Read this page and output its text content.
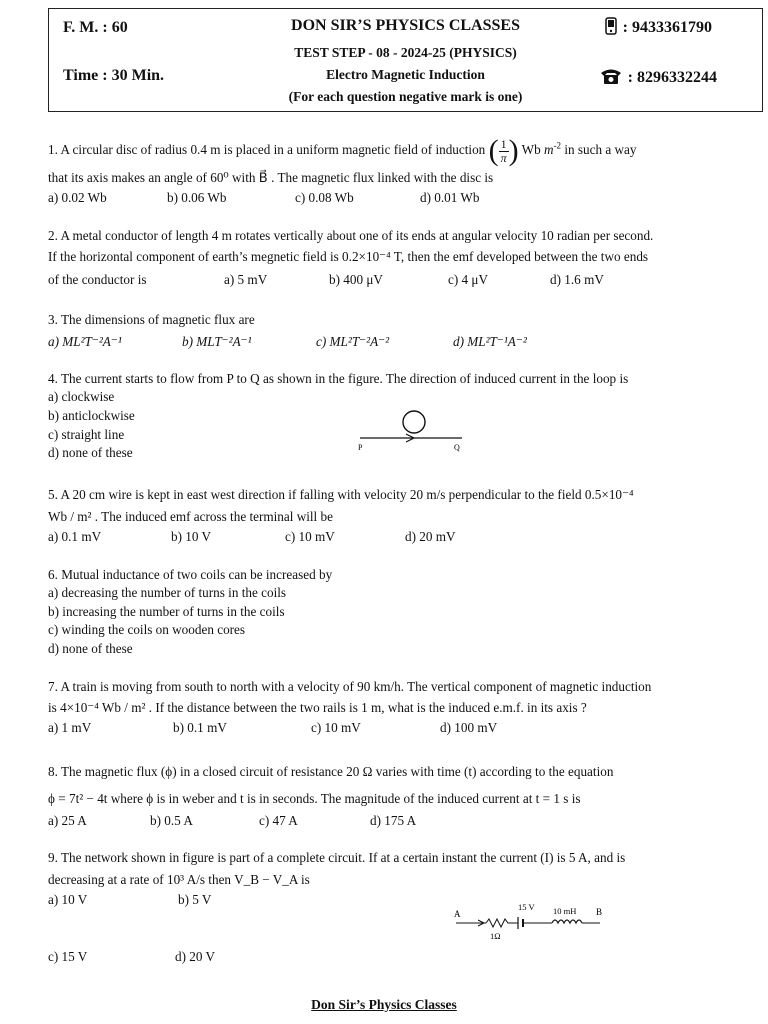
F. M. : 60
Time : 30 Min.
DON SIR’S PHYSICS CLASSES
TEST STEP - 08 - 2024-25 (PHYSICS)
Electro Magnetic Induction
(For each question negative mark is one)
: 9433361790
: 8296332244
1. A circular disc of radius 0.4 m is placed in a uniform magnetic field of induction ( $\frac{1}{\pi}$ ) Wb $m^{-2}$ in such a way
that its axis makes an angle of 60⁰ with B⃗ . The magnetic flux linked with the disc is
a) 0.02 Wb	b) 0.06 Wb	c) 0.08 Wb	d) 0.01 Wb
2. A metal conductor of length 4 m rotates vertically about one of its ends at angular velocity 10 radian per second.
If the horizontal component of earth’s megnetic field is 0.2×10⁻⁴ T, then the emf developed between the two ends
of the conductor is	a) 5 mV	b) 400 μV	c) 4 μV	d) 1.6 mV
3. The dimensions of magnetic flux are
a) ML²T⁻²A⁻¹	b) MLT⁻²A⁻¹	c) ML²T⁻²A⁻²	d) ML²T⁻¹A⁻²
4. The current starts to flow from P to Q as shown in the figure. The direction of induced current in the loop is
a) clockwise
b) anticlockwise
c) straight line
d) none of these	P	Q
5. A 20 cm wire is kept in east west direction if falling with velocity 20 m/s perpendicular to the field 0.5×10⁻⁴
Wb / m² . The induced emf across the terminal will be
a) 0.1 mV	b) 10 V	c) 10 mV	d) 20 mV
6. Mutual inductance of two coils can be increased by
a) decreasing the number of turns in the coils
b) increasing the number of turns in the coils
c) winding the coils on wooden cores
d) none of these
7. A train is moving from south to north with a velocity of 90 km/h. The vertical component of magnetic induction
is 4×10⁻⁴ Wb / m² . If the distance between the two rails is 1 m, what is the induced e.m.f. in its axis ?
a) 1 mV	b) 0.1 mV	c) 10 mV	d) 100 mV
8. The magnetic flux (ϕ) in a closed circuit of resistance 20 Ω varies with time (t) according to the equation
ϕ = 7t² − 4t where ϕ is in weber and t is in seconds. The magnitude of the induced current at t = 1 s is
a) 25 A	b) 0.5 A	c) 47 A	d) 175 A
9. The network shown in figure is part of a complete circuit. If at a certain instant the current (I) is 5 A, and is
decreasing at a rate of 10³ A/s then V_B − V_A is
a) 10 V	b) 5 V
c) 15 V	d) 20 V
A	B
15 V 10 mH
1Ω
Don Sir’s Physics Classes
